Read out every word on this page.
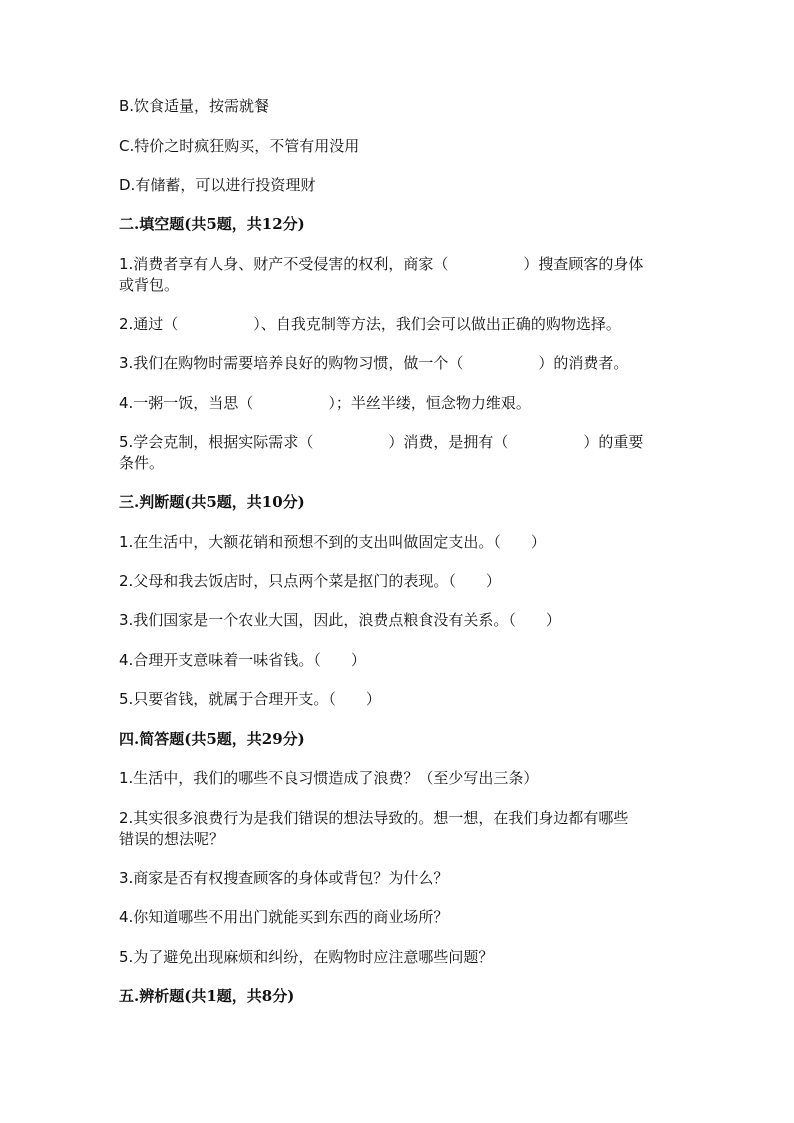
B.饮食适量，按需就餐

C.特价之时疯狂购买，不管有用没用

D.有储蓄，可以进行投资理财

二.填空题(共5题，共12分)

1.消费者享有人身、财产不受侵害的权利，商家（　　　　　）搜查顾客的身体

或背包。

2.通过（　　　　　）、自我克制等方法，我们会可以做出正确的购物选择。

3.我们在购物时需要培养良好的购物习惯，做一个（　　　　　）的消费者。

4.一粥一饭，当思（　　　　　）；半丝半缕，恒念物力维艰。

5.学会克制，根据实际需求（　　　　　）消费，是拥有（　　　　　）的重要

条件。

三.判断题(共5题，共10分)

1.在生活中，大额花销和预想不到的支出叫做固定支出。（　　）

2.父母和我去饭店时，只点两个菜是抠门的表现。（　　）

3.我们国家是一个农业大国，因此，浪费点粮食没有关系。（　　）

4.合理开支意味着一味省钱。（　　）

5.只要省钱，就属于合理开支。（　　）

四.简答题(共5题，共29分)

1.生活中，我们的哪些不良习惯造成了浪费？（至少写出三条）

2.其实很多浪费行为是我们错误的想法导致的。想一想，在我们身边都有哪些

错误的想法呢？

3.商家是否有权搜查顾客的身体或背包？为什么？

4.你知道哪些不用出门就能买到东西的商业场所？

5.为了避免出现麻烦和纠纷，在购物时应注意哪些问题？

五.辨析题(共1题，共8分)
